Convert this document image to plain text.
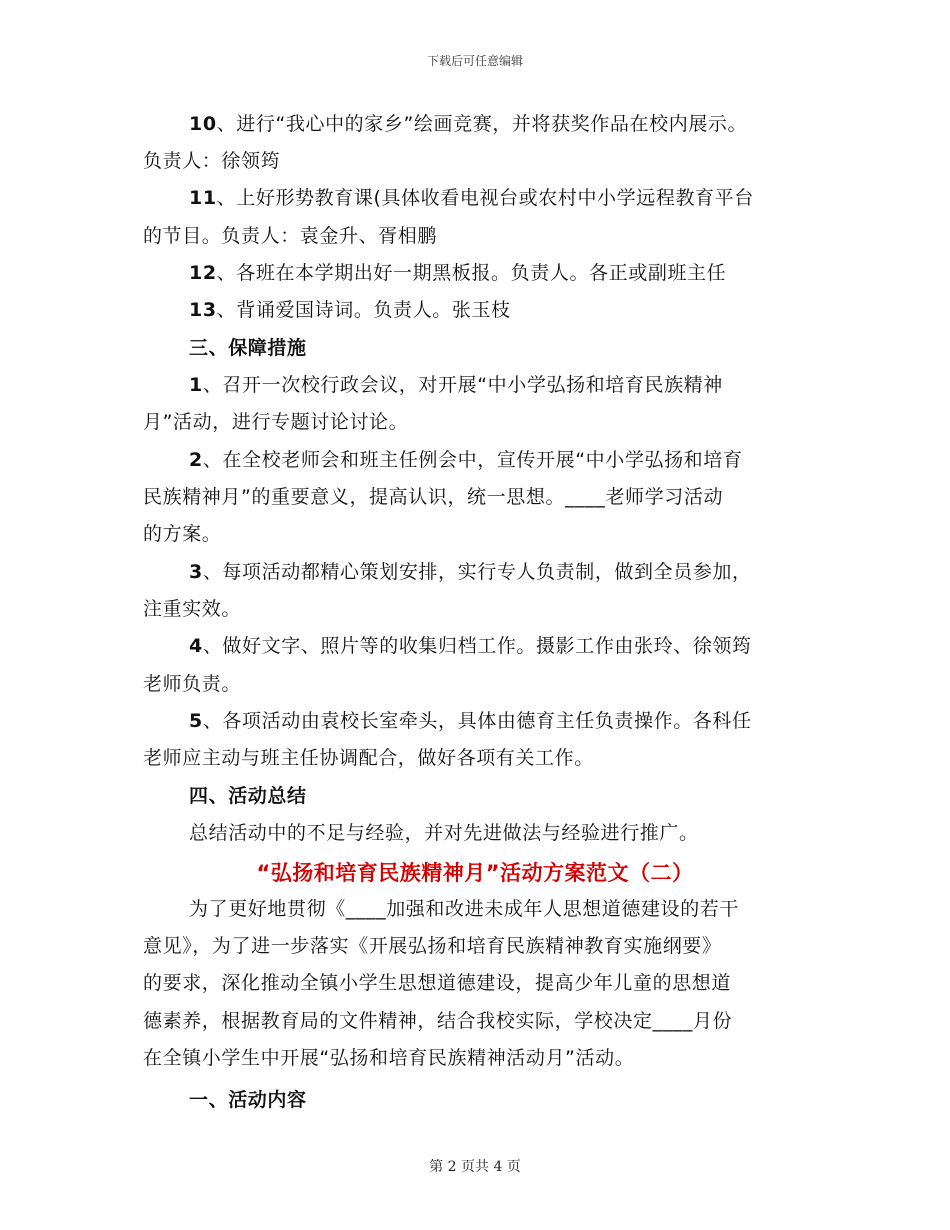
下载后可任意编辑
10、进行“我心中的家乡”绘画竞赛，并将获奖作品在校内展示。
负责人：徐领筠
11、上好形势教育课(具体收看电视台或农村中小学远程教育平台
的节目。负责人：袁金升、胥相鹏
12、各班在本学期出好一期黑板报。负责人。各正或副班主任
13、背诵爱国诗词。负责人。张玉枝
三、保障措施
1、召开一次校行政会议，对开展“中小学弘扬和培育民族精神
月”活动，进行专题讨论讨论。
2、在全校老师会和班主任例会中，宣传开展“中小学弘扬和培育
民族精神月”的重要意义，提高认识，统一思想。____老师学习活动
的方案。
3、每项活动都精心策划安排，实行专人负责制，做到全员参加，
注重实效。
4、做好文字、照片等的收集归档工作。摄影工作由张玲、徐领筠
老师负责。
5、各项活动由袁校长室牵头，具体由德育主任负责操作。各科任
老师应主动与班主任协调配合，做好各项有关工作。
四、活动总结
总结活动中的不足与经验，并对先进做法与经验进行推广。
“弘扬和培育民族精神月”活动方案范文（二）
为了更好地贯彻《____加强和改进未成年人思想道德建设的若干
意见》，为了进一步落实《开展弘扬和培育民族精神教育实施纲要》
的要求，深化推动全镇小学生思想道德建设，提高少年儿童的思想道
德素养，根据教育局的文件精神，结合我校实际，学校决定____月份
在全镇小学生中开展“弘扬和培育民族精神活动月”活动。
一、活动内容
第 2 页共 4 页
